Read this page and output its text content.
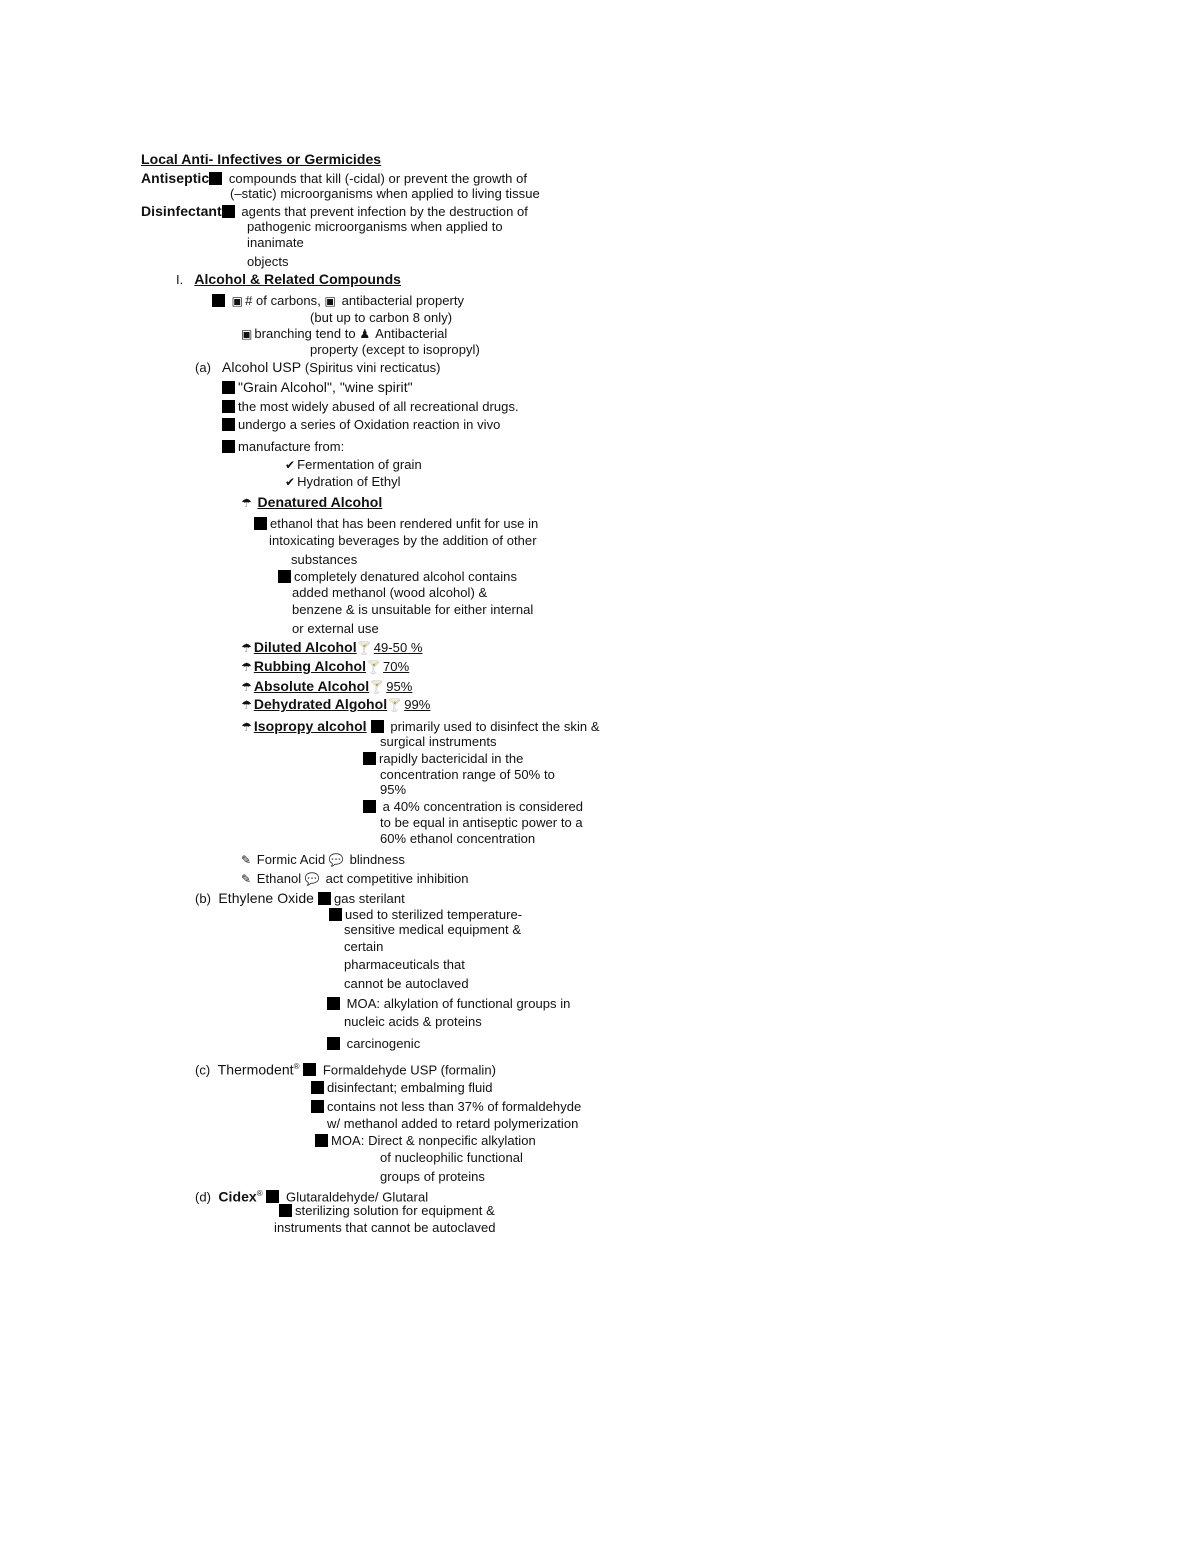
Local Anti- Infectives or Germicides
Antiseptic compounds that kill (-cidal) or prevent the growth of
(–static) microorganisms when applied to living tissue
Disinfectant agents that prevent infection by the destruction of
pathogenic microorganisms when applied to
inanimate
objects
I. Alcohol & Related Compounds
▣ # of carbons, ▣ antibacterial property
(but up to carbon 8 only)
▣ branching tend to ♟ Antibacterial
property (except to isopropyl)
(a) Alcohol USP (Spiritus vini recticatus)
"Grain Alcohol", "wine spirit"
the most widely abused of all recreational drugs.
undergo a series of Oxidation reaction in vivo
manufacture from:
✔ Fermentation of grain
✔ Hydration of Ethyl
☂ Denatured Alcohol
ethanol that has been rendered unfit for use in
intoxicating beverages by the addition of other
substances
completely denatured alcohol contains
added methanol (wood alcohol) &
benzene & is unsuitable for either internal
or external use
☂ Diluted Alcohol🍸 49-50 %
☂ Rubbing Alcohol🍸 70%
☂ Absolute Alcohol🍸 95%
☂ Dehydrated Algohol🍸 99%
☂ Isopropy alcohol primarily used to disinfect the skin &
surgical instruments
rapidly bactericidal in the
concentration range of 50% to
95%
a 40% concentration is considered
to be equal in antiseptic power to a
60% ethanol concentration
✎ Formic Acid 💬 blindness
✎ Ethanol 💬 act competitive inhibition
(b) Ethylene Oxide gas sterilant
used to sterilized temperature-
sensitive medical equipment &
certain
pharmaceuticals that
cannot be autoclaved
MOA: alkylation of functional groups in
nucleic acids & proteins
carcinogenic
(c) Thermodent® Formaldehyde USP (formalin)
disinfectant; embalming fluid
contains not less than 37% of formaldehyde
w/ methanol added to retard polymerization
MOA: Direct & nonpecific alkylation
of nucleophilic functional
groups of proteins
(d) Cidex® Glutaraldehyde/ Glutaral
sterilizing solution for equipment &
instruments that cannot be autoclaved
